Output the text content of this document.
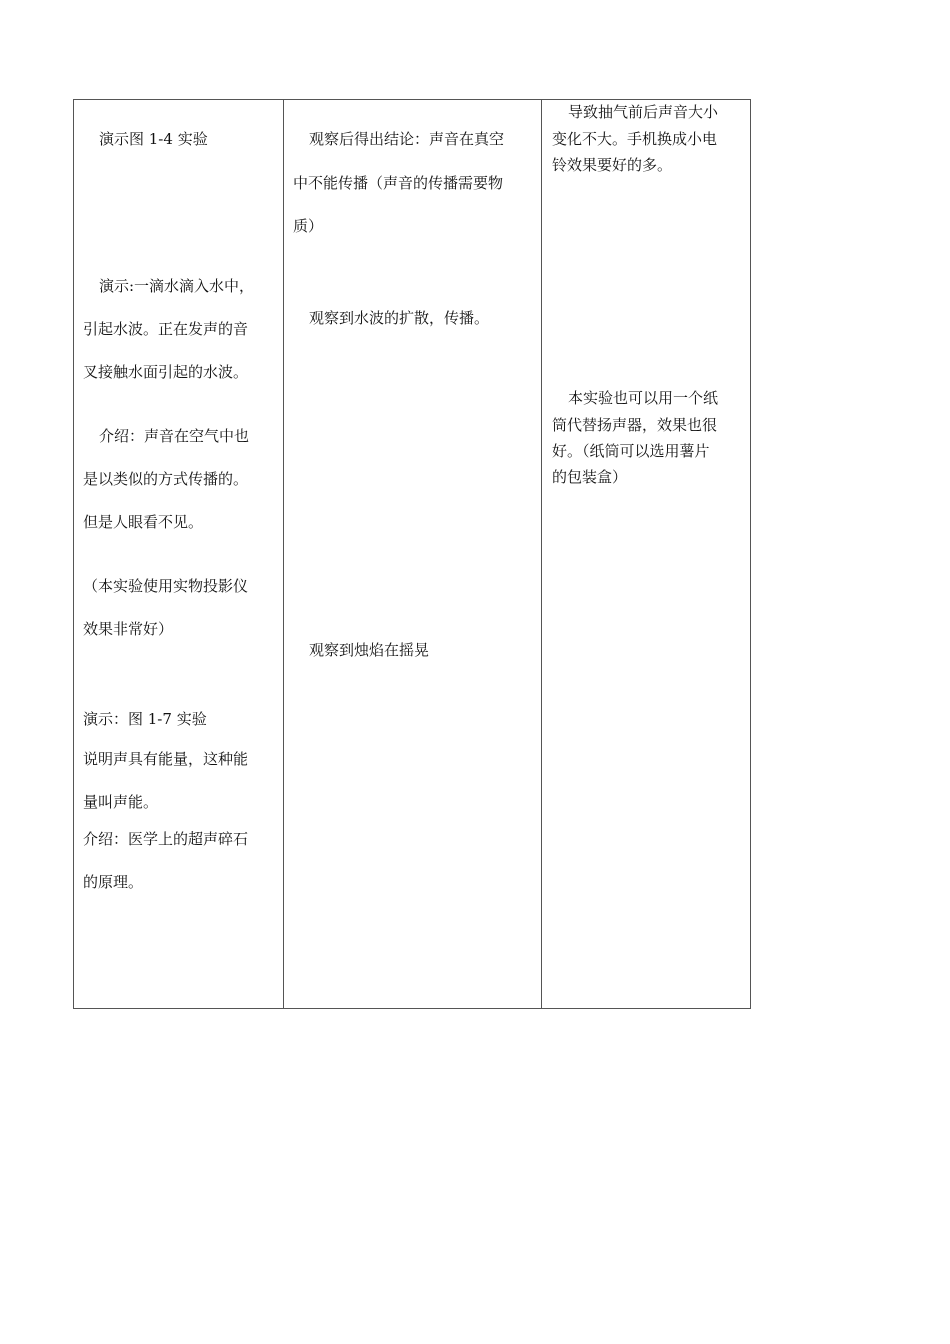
演示图 1-4 实验
演示:一滴水滴入水中，
引起水波。正在发声的音
叉接触水面引起的水波。
介绍：声音在空气中也
是以类似的方式传播的。
但是人眼看不见。
（本实验使用实物投影仪
效果非常好）
演示：图 1-7 实验
说明声具有能量，这种能
量叫声能。
介绍：医学上的超声碎石
的原理。
观察后得出结论：声音在真空
中不能传播（声音的传播需要物
质）
观察到水波的扩散，传播。
观察到烛焰在摇晃
导致抽气前后声音大小
变化不大。手机换成小电
铃效果要好的多。
本实验也可以用一个纸
筒代替扬声器，效果也很
好。（纸筒可以选用薯片
的包装盒）
